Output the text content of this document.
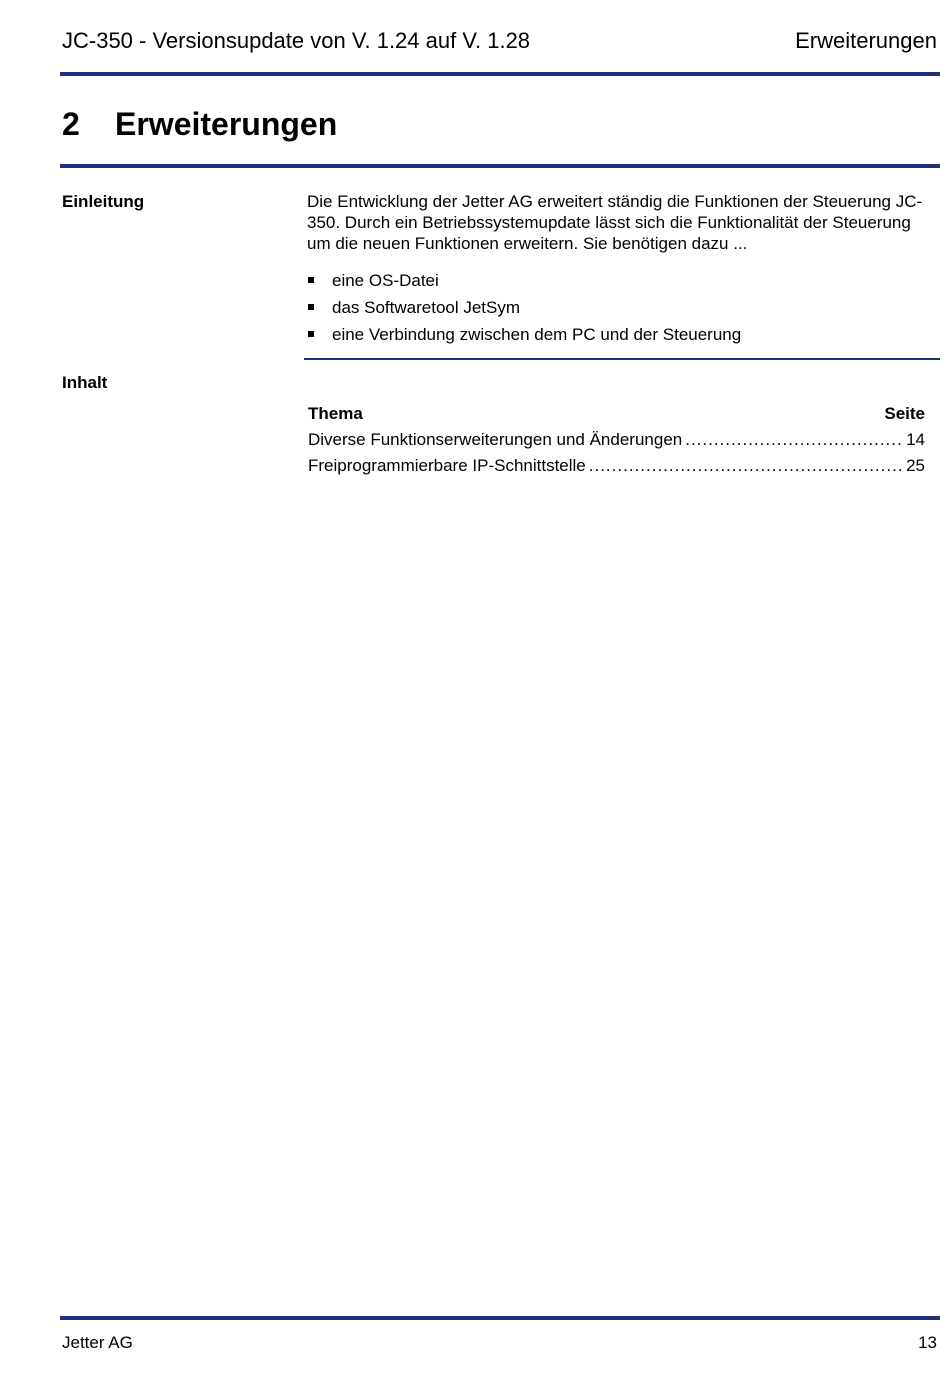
JC-350 - Versionsupdate von V. 1.24 auf V. 1.28	Erweiterungen
2 Erweiterungen
Einleitung	Die Entwicklung der Jetter AG erweitert ständig die Funktionen der Steuerung JC-350. Durch ein Betriebssystemupdate lässt sich die Funktionalität der Steuerung um die neuen Funktionen erweitern. Sie benötigen dazu ...

eine OS-Datei
das Softwaretool JetSym
eine Verbindung zwischen dem PC und der Steuerung
Inhalt
Thema	Seite
Diverse Funktionserweiterungen und Änderungen .....	14
Freiprogrammierbare IP-Schnittstelle .....	25
Jetter AG	13
